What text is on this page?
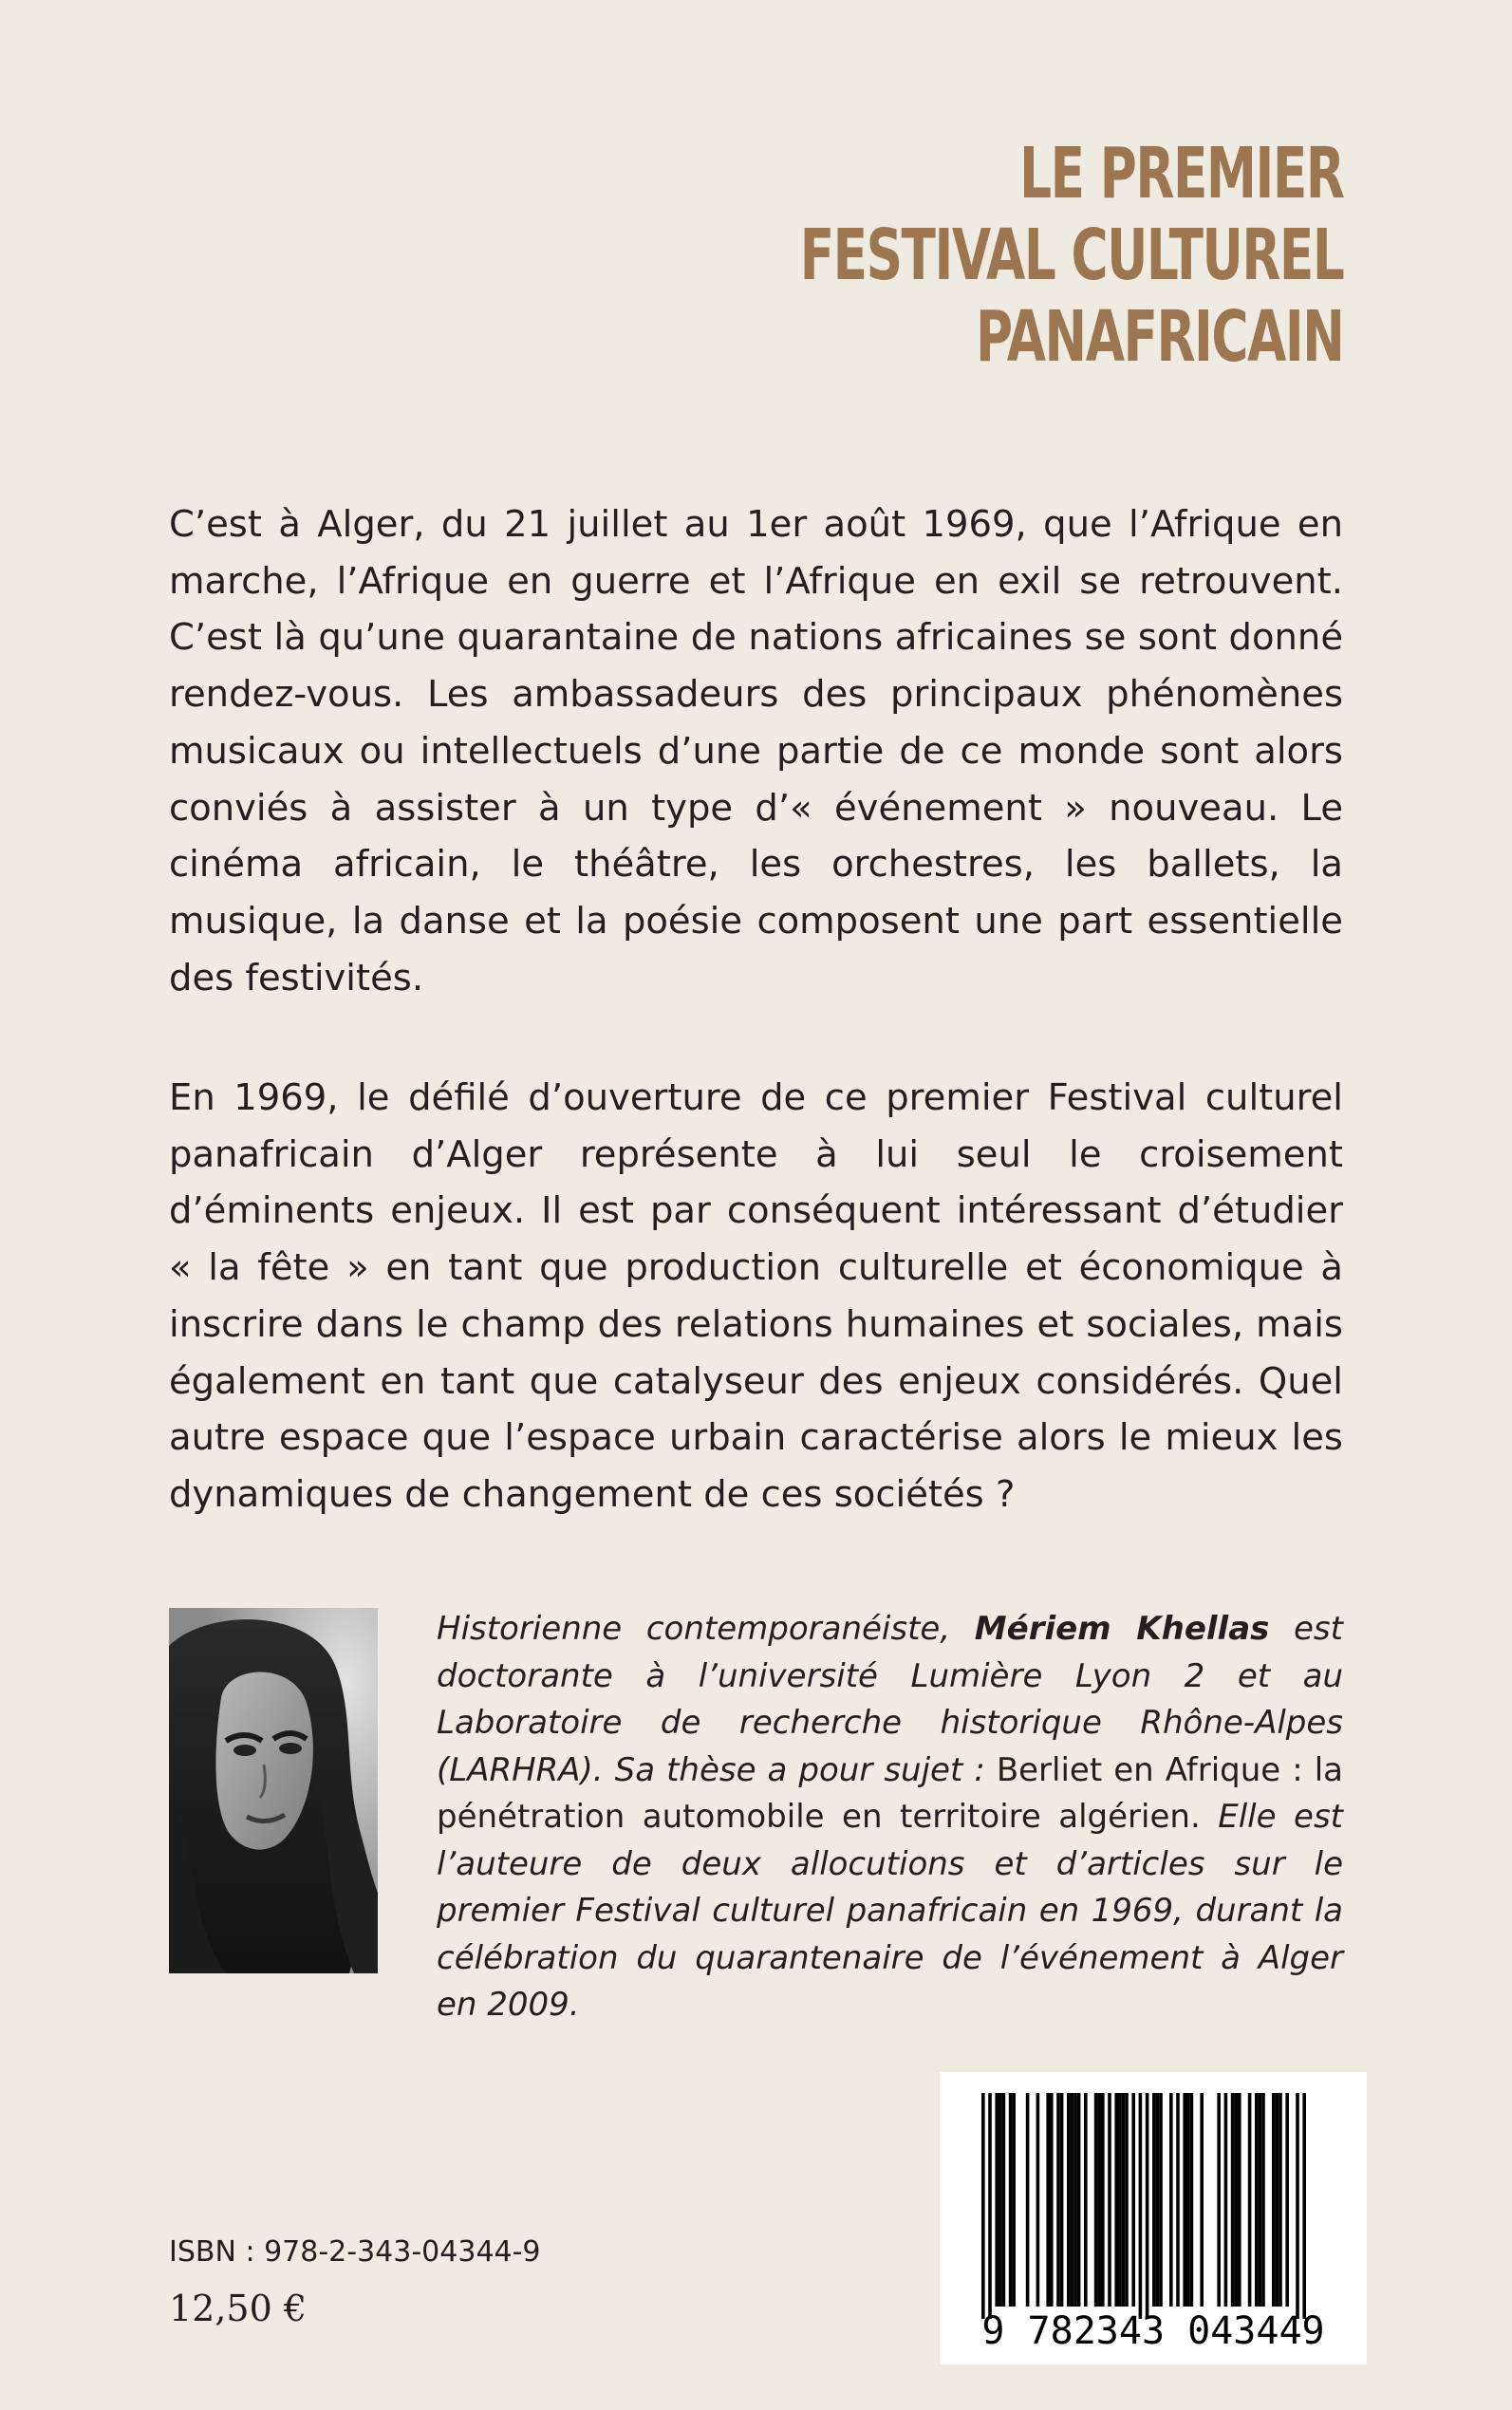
LE PREMIER
FESTIVAL CULTUREL
PANAFRICAIN

C’est à Alger, du 21 juillet au 1er août 1969, que l’Afrique en marche, l’Afrique en guerre et l’Afrique en exil se retrouvent. C’est là qu’une quarantaine de nations africaines se sont donné rendez-vous. Les ambassadeurs des principaux phénomènes musicaux ou intellectuels d’une partie de ce monde sont alors conviés à assister à un type d’« événement » nouveau. Le cinéma africain, le théâtre, les orchestres, les ballets, la musique, la danse et la poésie composent une part essentielle des festivités.

En 1969, le défilé d’ouverture de ce premier Festival culturel panafricain d’Alger représente à lui seul le croisement d’éminents enjeux. Il est par conséquent intéressant d’étudier « la fête » en tant que production culturelle et économique à inscrire dans le champ des relations humaines et sociales, mais également en tant que catalyseur des enjeux considérés. Quel autre espace que l’espace urbain caractérise alors le mieux les dynamiques de changement de ces sociétés ?

Historienne contemporanéiste, Mériem Khellas est doctorante à l’université Lumière Lyon 2 et au Laboratoire de recherche historique Rhône-Alpes (LARHRA). Sa thèse a pour sujet : Berliet en Afrique : la pénétration automobile en territoire algérien. Elle est l’auteure de deux allocutions et d’articles sur le premier Festival culturel panafricain en 1969, durant la célébration du quarantenaire de l’événement à Alger en 2009.

ISBN : 978-2-343-04344-9
12,50 €
9 782343 043449
